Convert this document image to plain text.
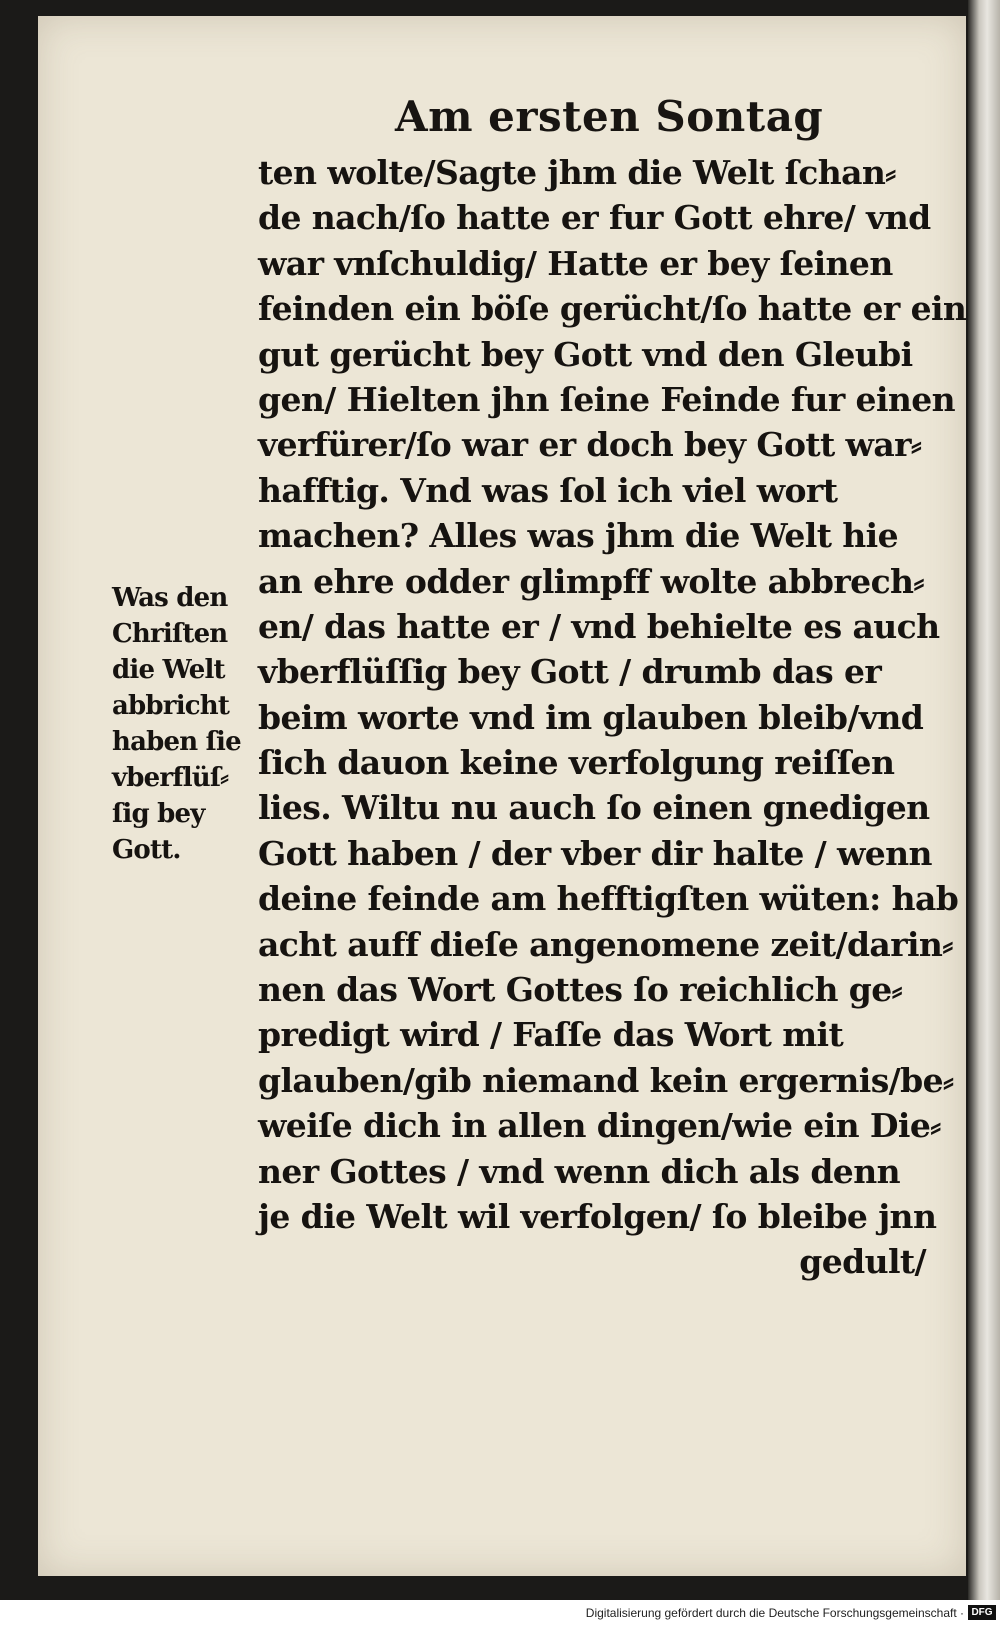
Am ersten Sontag
ten wolte/Sagte jhm die Welt ſchan⸗
de nach/ſo hatte er fur Gott ehre/ vnd
war vnſchuldig/ Hatte er bey ſeinen
feinden ein böſe gerücht/ſo hatte er ein
gut gerücht bey Gott vnd den Gleubi
gen/ Hielten jhn ſeine Feinde fur einen
verfürer/ſo war er doch bey Gott war⸗
hafftig. Vnd was ſol ich viel wort
machen? Alles was jhm die Welt hie
an ehre odder glimpff wolte abbrech⸗
en/ das hatte er / vnd behielte es auch
vberflüſſig bey Gott / drumb das er
beim worte vnd im glauben bleib/vnd
ſich dauon keine verfolgung reiſſen
lies. Wiltu nu auch ſo einen gnedigen
Gott haben / der vber dir halte / wenn
deine feinde am hefftigſten wüten: hab
acht auff dieſe angenomene zeit/darin⸗
nen das Wort Gottes ſo reichlich ge⸗
predigt wird / Faſſe das Wort mit
glauben/gib niemand kein ergernis/be⸗
weiſe dich in allen dingen/wie ein Die⸗
ner Gottes / vnd wenn dich als denn
je die Welt wil verfolgen/ ſo bleibe jnn
gedult/
Was den
Chriſten
die Welt
abbricht
haben ſie
vberflüſ⸗
ſig bey
Gott.
Digitalisierung gefördert durch die Deutsche Forschungsgemeinschaft · DFG
